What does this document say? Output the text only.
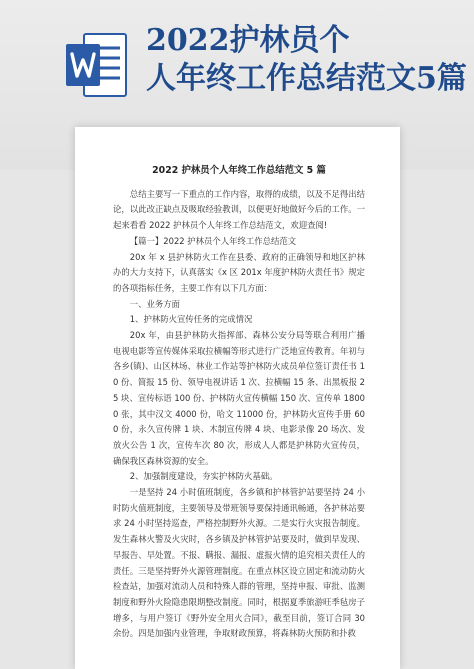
2022护林员个
人年终工作总结范文5篇
2022 护林员个人年终工作总结范文 5 篇

总结主要写一下重点的工作内容，取得的成绩，以及不足得出结论，以此改正缺点及吸取经验教训，以便更好地做好今后的工作。一起来看看 2022 护林员个人年终工作总结范文，欢迎查阅!

【篇一】2022 护林员个人年终工作总结范文

20x 年 x 县护林防火工作在县委、政府的正确领导和地区护林办的大力支持下，认真落实《x 区 201x 年度护林防火责任书》规定的各项指标任务，主要工作有以下几方面：

一、业务方面

1、护林防火宣传任务的完成情况

20x 年，由县护林防火指挥部、森林公安分局等联合利用广播电视电影等宣传媒体采取拉横幅等形式进行广泛地宣传教育。年初与各乡(镇)、山区林场、林业工作站等护林防火成员单位签订责任书 10 份、简报 15 份、领导电视讲话 1 次、拉横幅 15 条、出黑板报 25 块、宣传标语 100 份、护林防火宣传横幅 150 次、宣传单 18000 张，其中汉文 4000 份，哈文 11000 份，护林防火宣传手册 600 份，永久宣传牌 1 块、木制宣传牌 4 块、电影录像 20 场次、发放火公告 1 次，宣传车次 80 次，形成人人都是护林防火宣传员，确保我区森林资源的安全。

2、加强制度建设，夯实护林防火基础。

一是坚持 24 小时值班制度，各乡镇和护林管护站要坚持 24 小时防火值班制度，主要领导及带班领导要保持通讯畅通，各护林站要求 24 小时坚持巡查，严格控制野外火源。二是实行火灾报告制度。发生森林火警及火灾时，各乡镇及护林管护站要及时，做到早发现、早报告、早处置。不报、瞒报、漏报、虚报火情的追究相关责任人的责任。三是坚持野外火源管理制度。在重点林区设立固定和流动防火检查站，加强对流动人员和特殊人群的管理，坚持申报、审批、监测制度和野外火险隐患限期整改制度。同时，根据夏季旅游旺季毡房子增多，与用户签订《野外安全用火合同》，截至目前，签订合同 30 余份。四是加强内业管理，争取财政预算，将森林防火预防和扑救
